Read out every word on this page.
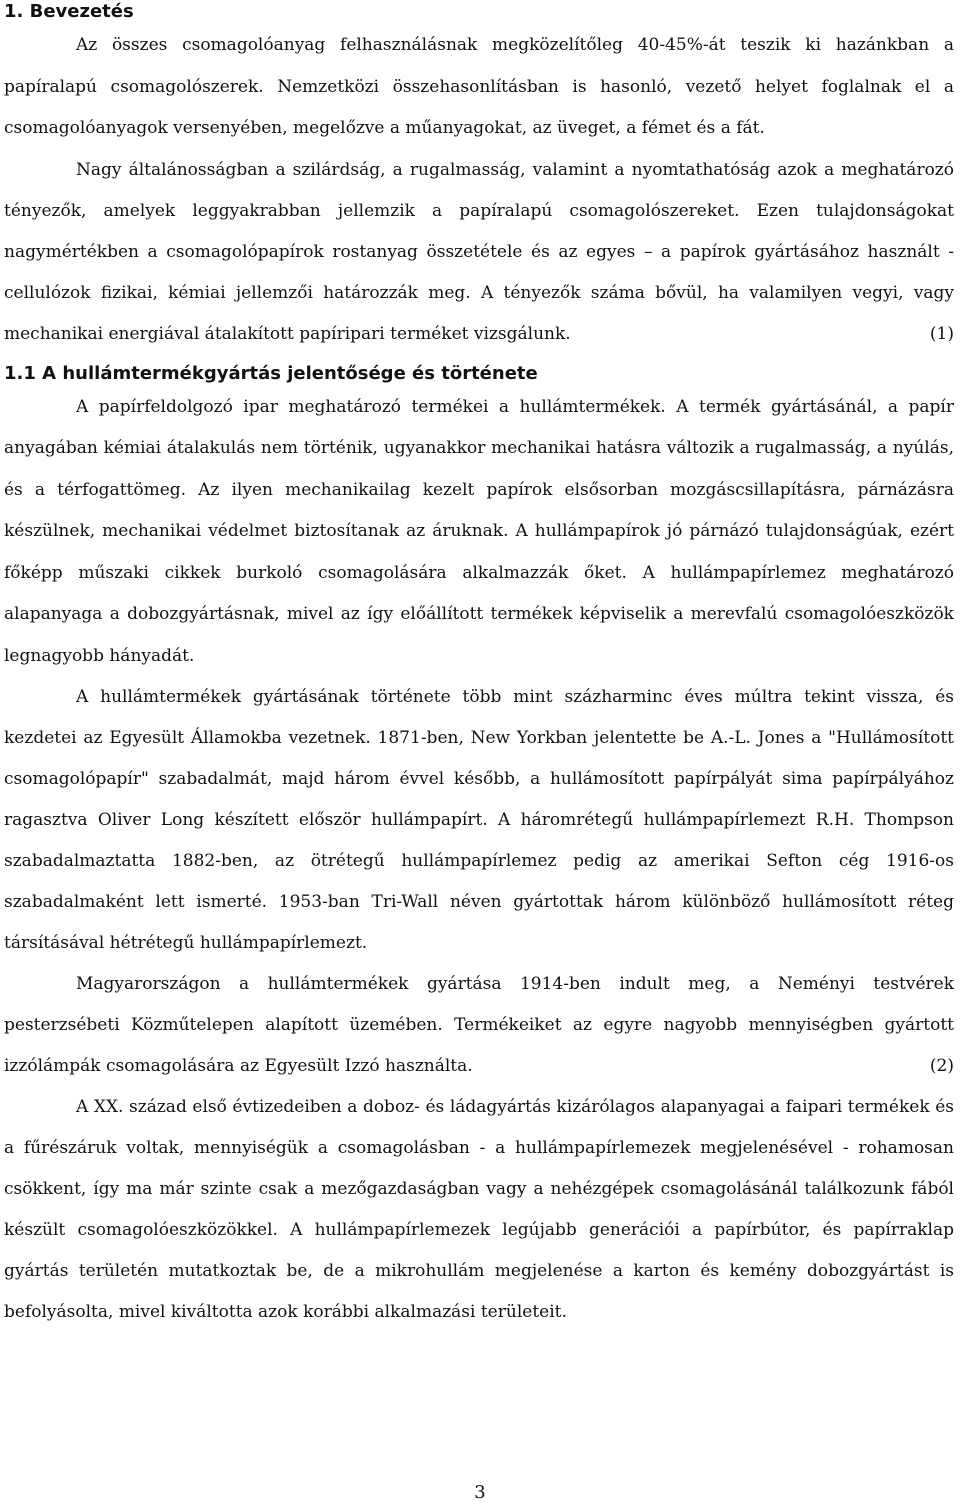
1. Bevezetés

Az összes csomagolóanyag felhasználásnak megközelítőleg 40-45%-át teszik ki hazánkban a papíralapú csomagolószerek. Nemzetközi összehasonlításban is hasonló, vezető helyet foglalnak el a csomagolóanyagok versenyében, megelőzve a műanyagokat, az üveget, a fémet és a fát.

Nagy általánosságban a szilárdság, a rugalmasság, valamint a nyomtathatóság azok a meghatározó tényezők, amelyek leggyakrabban jellemzik a papíralapú csomagolószereket. Ezen tulajdonságokat nagymértékben a csomagolópapírok rostanyag összetétele és az egyes – a papírok gyártásához használt - cellulózok fizikai, kémiai jellemzői határozzák meg. A tényezők száma bővül, ha valamilyen vegyi, vagy mechanikai energiával átalakított papíripari terméket vizsgálunk.	(1)

1.1 A hullámtermékgyártás jelentősége és története

A papírfeldolgozó ipar meghatározó termékei a hullámtermékek. A termék gyártásánál, a papír anyagában kémiai átalakulás nem történik, ugyanakkor mechanikai hatásra változik a rugalmasság, a nyúlás, és a térfogattömeg. Az ilyen mechanikailag kezelt papírok elsősorban mozgáscsillapításra, párnázásra készülnek, mechanikai védelmet biztosítanak az áruknak. A hullámpapírok jó párnázó tulajdonságúak, ezért főképp műszaki cikkek burkoló csomagolására alkalmazzák őket. A hullámpapírlemez meghatározó alapanyaga a dobozgyártásnak, mivel az így előállított termékek képviselik a merevfalú csomagolóeszközök legnagyobb hányadát.

A hullámtermékek gyártásának története több mint százharminc éves múltra tekint vissza, és kezdetei az Egyesült Államokba vezetnek. 1871-ben, New Yorkban jelentette be A.-L. Jones a "Hullámosított csomagolópapír" szabadalmát, majd három évvel később, a hullámosított papírpályát sima papírpályához ragasztva Oliver Long készített először hullámpapírt. A háromrétegű hullámpapírlemezt R.H. Thompson szabadalmaztatta 1882-ben, az ötrétegű hullámpapírlemez pedig az amerikai Sefton cég 1916-os szabadalmaként lett ismerté. 1953-ban Tri-Wall néven gyártottak három különböző hullámosított réteg társításával hétrétegű hullámpapírlemezt.

Magyarországon a hullámtermékek gyártása 1914-ben indult meg, a Neményi testvérek pesterzsébeti Közműtelepen alapított üzemében. Termékeiket az egyre nagyobb mennyiségben gyártott izzólámpák csomagolására az Egyesült Izzó használta.	(2)

A XX. század első évtizedeiben a doboz- és ládagyártás kizárólagos alapanyagai a faipari termékek és a fűrészáruk voltak, mennyiségük a csomagolásban - a hullámpapírlemezek megjelenésével - rohamosan csökkent, így ma már szinte csak a mezőgazdaságban vagy a nehézgépek csomagolásánál találkozunk fából készült csomagolóeszközökkel. A hullámpapírlemezek legújabb generációi a papírbútor, és papírraklap gyártás területén mutatkoztak be, de a mikrohullám megjelenése a karton és kemény dobozgyártást is befolyásolta, mivel kiváltotta azok korábbi alkalmazási területeit.

3
